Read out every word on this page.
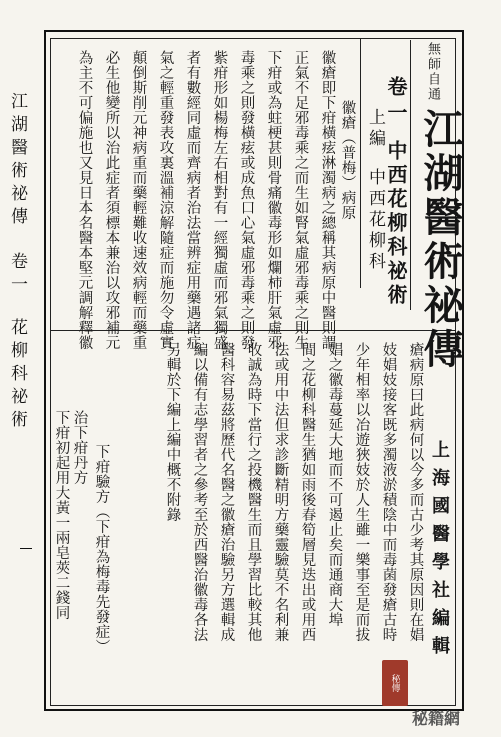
江湖醫術祕傳
卷一
花柳科祕術
無師自通
江湖醫術祕傳
卷一
中西花柳科祕術
上編
中西花柳科
徽瘡（普梅）病原
徽瘡即下疳橫痃淋濁病之總稱其病原中醫則謂
正氣不足邪毒乘之而生如腎氣虛邪毒乘之則生
下疳或為蛀梗甚則骨痛徽毒形如爛柿肝氣虛邪
毒乘之則發橫痃或成魚口心氣虛邪毒乘之則發
紫疳形如楊梅左右相對有一經獨虛而邪氣獨盛
者有數經同虛而齊病者治法當辨症用藥遇諸症
氣之輕重發表攻裏溫補涼解隨症而施勿令虛實
顛倒斯削元神病重而藥輕難收速效病輕而藥重
必生他變所以治此症者須標本兼治以攻邪補元
為主不可偏施也又見日本名醫本堅元調解釋徽
上海國醫學社編輯
瘡病原曰此病何以今多而古少考其原因則在娼
妓娼妓接客既多濁液淤積陰中而毒菌發瘡古時
少年相率以冶遊狹妓於人生雖一樂事至是而拔
娼之徽毒蔓延大地而不可遏止矣而通商大埠
間之花柳科醫生猶如雨後春筍層見迭出或用西
法或用中法但求診斷精明方藥靈驗莫不名利兼
收誠為時下當行之投機醫生而且學習比較其他
醫科容易茲將歷代名醫之徽瘡治驗另方選輯成
編以備有志學習者之參考至於西醫治徽毒各法
另輯於下編上編中概不附錄
下疳驗方（下疳為梅毒先發症）
治下疳丹方
下疳初起用大黃一兩皂莢二錢同
秘傳
秘籍網
